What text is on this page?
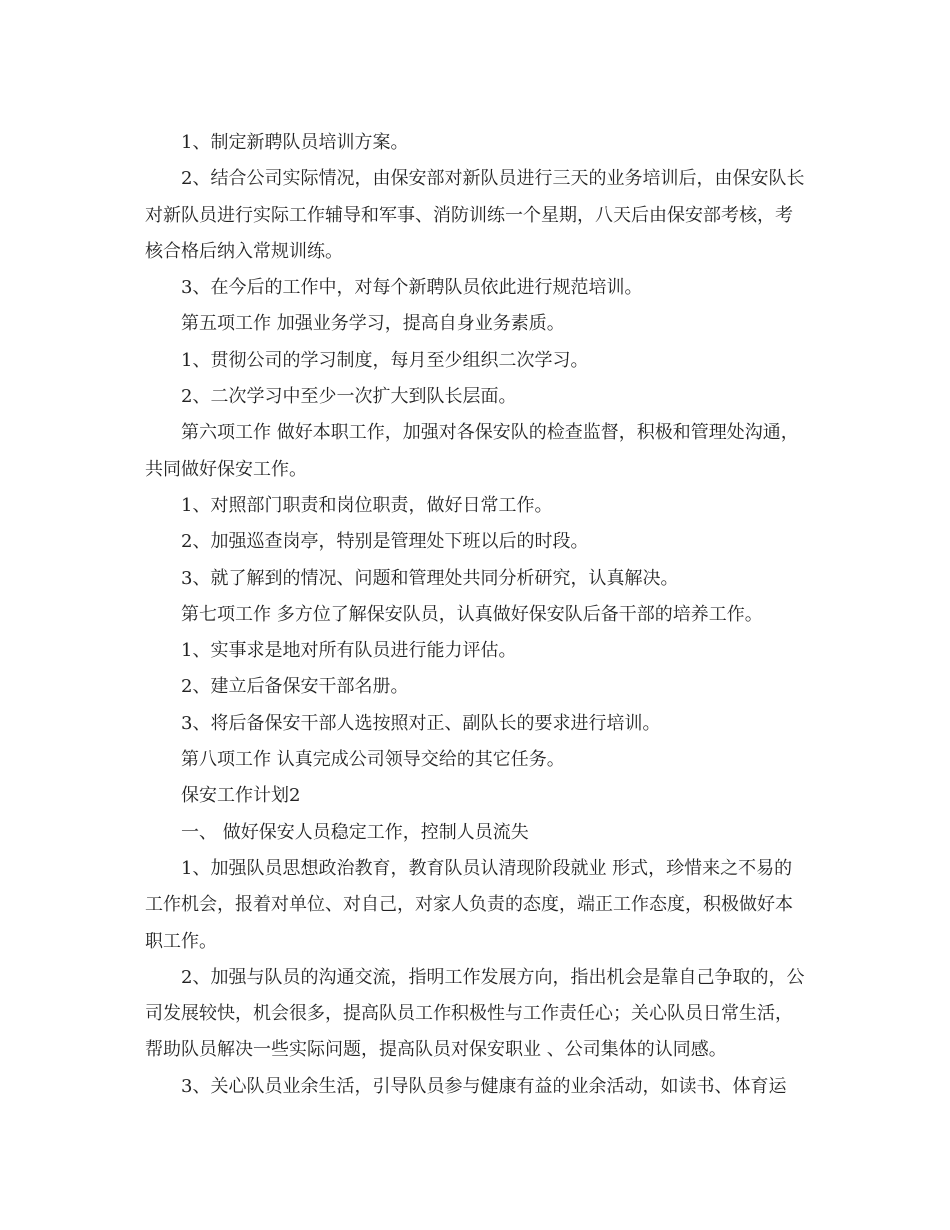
1、制定新聘队员培训方案。

2、结合公司实际情况，由保安部对新队员进行三天的业务培训后，由保安队长对新队员进行实际工作辅导和军事、消防训练一个星期，八天后由保安部考核，考核合格后纳入常规训练。

3、在今后的工作中，对每个新聘队员依此进行规范培训。

第五项工作 加强业务学习，提高自身业务素质。

1、贯彻公司的学习制度，每月至少组织二次学习。

2、二次学习中至少一次扩大到队长层面。

第六项工作 做好本职工作，加强对各保安队的检查监督，积极和管理处沟通，共同做好保安工作。

1、对照部门职责和岗位职责，做好日常工作。

2、加强巡查岗亭，特别是管理处下班以后的时段。

3、就了解到的情况、问题和管理处共同分析研究，认真解决。

第七项工作 多方位了解保安队员，认真做好保安队后备干部的培养工作。

1、实事求是地对所有队员进行能力评估。

2、建立后备保安干部名册。

3、将后备保安干部人选按照对正、副队长的要求进行培训。

第八项工作 认真完成公司领导交给的其它任务。

保安工作计划2

一、 做好保安人员稳定工作，控制人员流失

1、加强队员思想政治教育，教育队员认清现阶段就业 形式，珍惜来之不易的工作机会，报着对单位、对自己，对家人负责的态度，端正工作态度，积极做好本职工作。

2、加强与队员的沟通交流，指明工作发展方向，指出机会是靠自己争取的，公司发展较快，机会很多，提高队员工作积极性与工作责任心；关心队员日常生活，帮助队员解决一些实际问题，提高队员对保安职业 、公司集体的认同感。

3、关心队员业余生活，引导队员参与健康有益的业余活动，如读书、体育运
